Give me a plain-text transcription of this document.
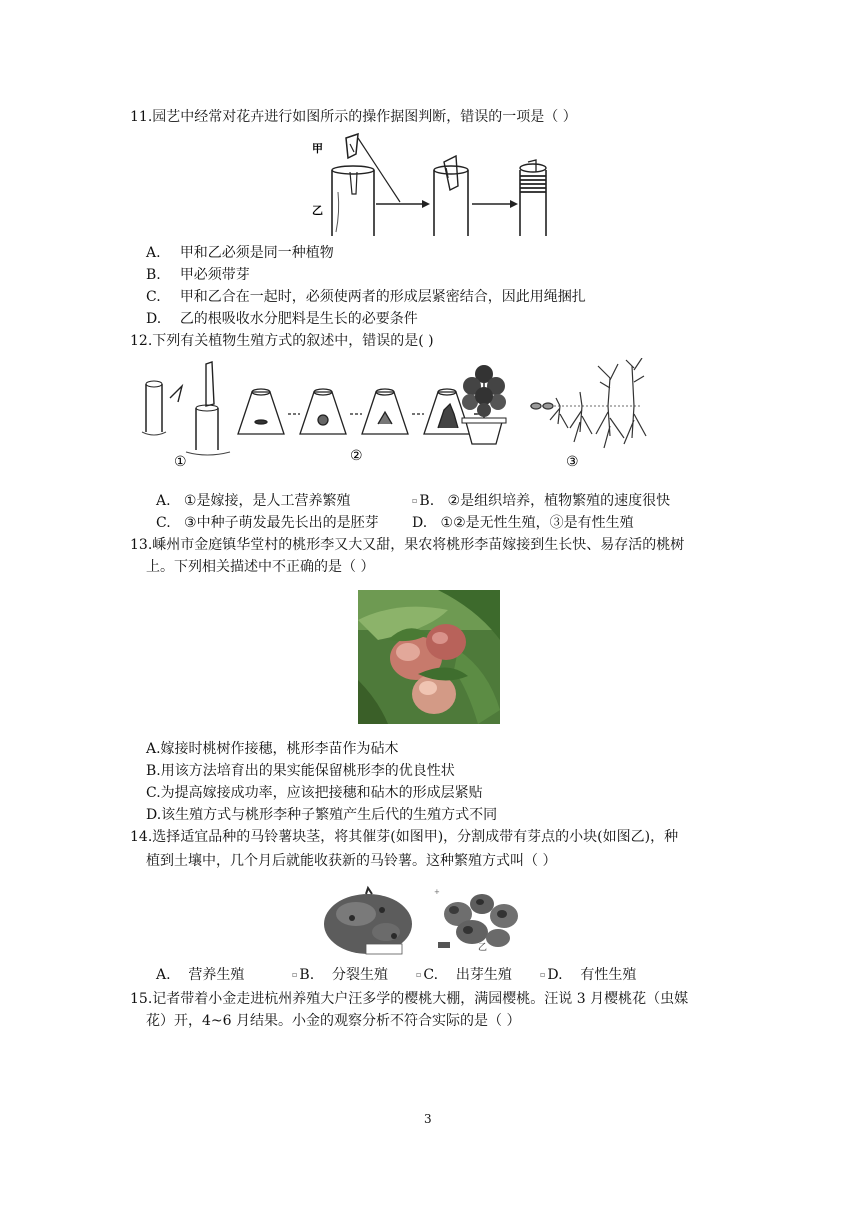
11.园艺中经常对花卉进行如图所示的操作据图判断，错误的一项是（ ）
甲
乙
A. 甲和乙必须是同一种植物
B. 甲必须带芽
C. 甲和乙合在一起时，必须使两者的形成层紧密结合，因此用绳捆扎
D. 乙的根吸收水分肥料是生长的必要条件
12.下列有关植物生殖方式的叙述中，错误的是( )
①	②	③
A. ①是嫁接，是人工营养繁殖	▫ B. ②是组织培养，植物繁殖的速度很快
C. ③中种子萌发最先长出的是胚芽 D. ①②是无性生殖，③是有性生殖
13.嵊州市金庭镇华堂村的桃形李又大又甜，果农将桃形李苗嫁接到生长快、易存活的桃树
上。下列相关描述中不正确的是（ ）
A.嫁接时桃树作接穗，桃形李苗作为砧木
B.用该方法培育出的果实能保留桃形李的优良性状
C.为提高嫁接成功率，应该把接穗和砧木的形成层紧贴
D.该生殖方式与桃形李种子繁殖产生后代的生殖方式不同
14.选择适宜品种的马铃薯块茎，将其催芽(如图甲)，分割成带有芽点的小块(如图乙)，种
植到土壤中，几个月后就能收获新的马铃薯。这种繁殖方式叫（ ）
+
乙
A. 营养生殖	▫ B. 分裂生殖	▫ C. 出芽生殖	▫ D. 有性生殖
15.记者带着小金走进杭州养殖大户汪多学的樱桃大棚，满园樱桃。汪说 3 月樱桃花（虫媒
花）开，4~6 月结果。小金的观察分析不符合实际的是（ ）
3
